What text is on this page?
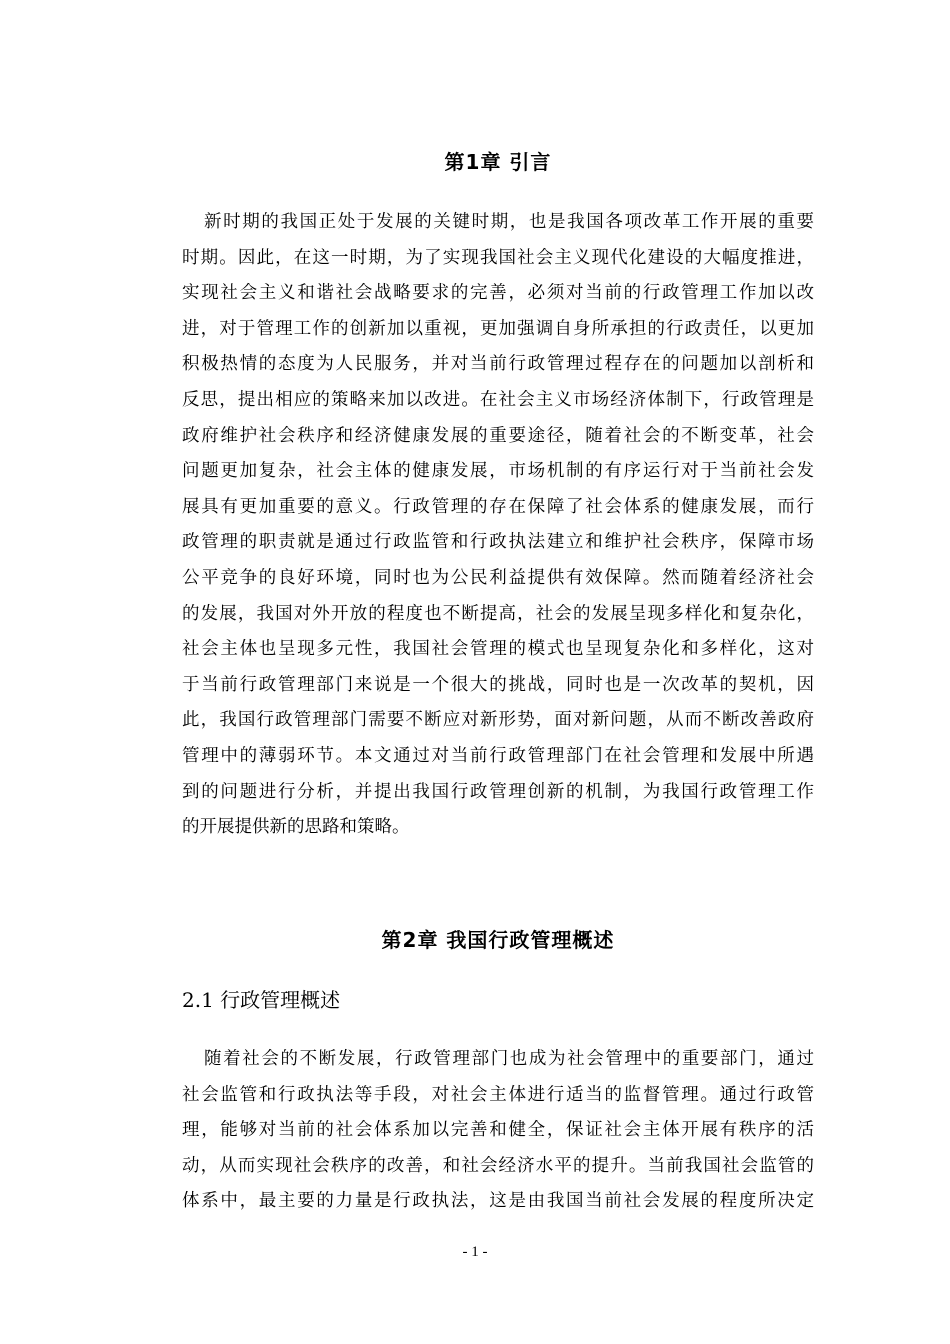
第1章 引言
新时期的我国正处于发展的关键时期，也是我国各项改革工作开展的重要
时期。因此，在这一时期，为了实现我国社会主义现代化建设的大幅度推进，
实现社会主义和谐社会战略要求的完善，必须对当前的行政管理工作加以改
进，对于管理工作的创新加以重视，更加强调自身所承担的行政责任，以更加
积极热情的态度为人民服务，并对当前行政管理过程存在的问题加以剖析和
反思，提出相应的策略来加以改进。在社会主义市场经济体制下，行政管理是
政府维护社会秩序和经济健康发展的重要途径，随着社会的不断变革，社会
问题更加复杂，社会主体的健康发展，市场机制的有序运行对于当前社会发
展具有更加重要的意义。行政管理的存在保障了社会体系的健康发展，而行
政管理的职责就是通过行政监管和行政执法建立和维护社会秩序，保障市场
公平竞争的良好环境，同时也为公民利益提供有效保障。然而随着经济社会
的发展，我国对外开放的程度也不断提高，社会的发展呈现多样化和复杂化，
社会主体也呈现多元性，我国社会管理的模式也呈现复杂化和多样化，这对
于当前行政管理部门来说是一个很大的挑战，同时也是一次改革的契机，因
此，我国行政管理部门需要不断应对新形势，面对新问题，从而不断改善政府
管理中的薄弱环节。本文通过对当前行政管理部门在社会管理和发展中所遇
到的问题进行分析，并提出我国行政管理创新的机制，为我国行政管理工作
的开展提供新的思路和策略。
第2章 我国行政管理概述
2.1 行政管理概述
随着社会的不断发展，行政管理部门也成为社会管理中的重要部门，通过
社会监管和行政执法等手段，对社会主体进行适当的监督管理。通过行政管
理，能够对当前的社会体系加以完善和健全，保证社会主体开展有秩序的活
动，从而实现社会秩序的改善，和社会经济水平的提升。当前我国社会监管的
体系中，最主要的力量是行政执法，这是由我国当前社会发展的程度所决定
- 1 -
